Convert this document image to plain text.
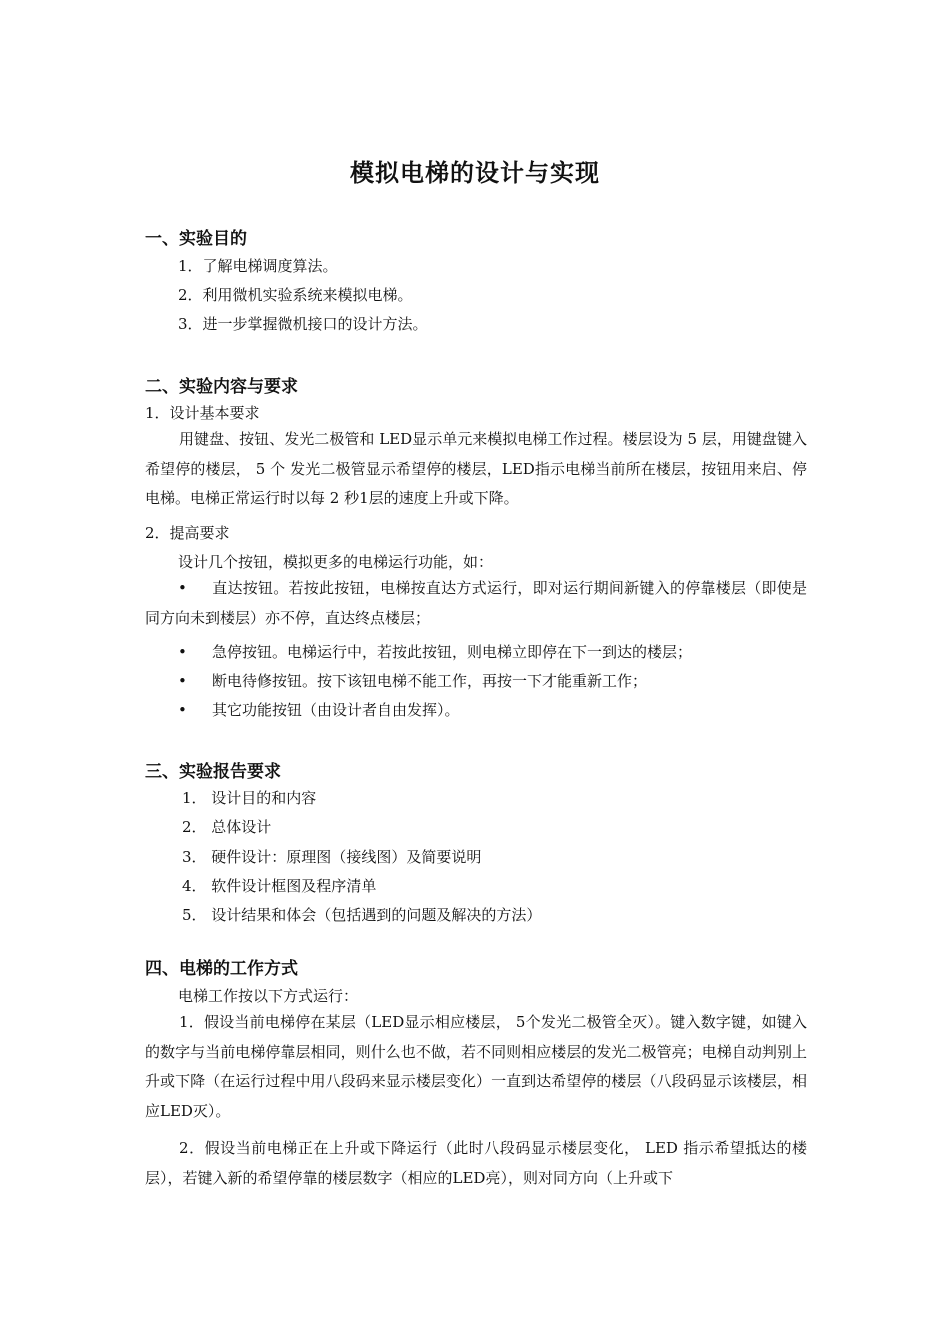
模拟电梯的设计与实现
一、实验目的
1．了解电梯调度算法。
2．利用微机实验系统来模拟电梯。
3．进一步掌握微机接口的设计方法。
二、实验内容与要求
1．设计基本要求
用键盘、按钮、发光二极管和 LED显示单元来模拟电梯工作过程。楼层设为 5 层，用键盘键入希望停的楼层， 5 个 发光二极管显示希望停的楼层，LED指示电梯当前所在楼层，按钮用来启、停电梯。电梯正常运行时以每 2 秒1层的速度上升或下降。
2．提高要求
设计几个按钮，模拟更多的电梯运行功能，如：
• 直达按钮。若按此按钮，电梯按直达方式运行，即对运行期间新键入的停靠楼层（即使是同方向未到楼层）亦不停，直达终点楼层；
• 急停按钮。电梯运行中，若按此按钮，则电梯立即停在下一到达的楼层；
• 断电待修按钮。按下该钮电梯不能工作，再按一下才能重新工作；
• 其它功能按钮（由设计者自由发挥）。
三、实验报告要求
1． 设计目的和内容
2． 总体设计
3． 硬件设计：原理图（接线图）及简要说明
4． 软件设计框图及程序清单
5． 设计结果和体会（包括遇到的问题及解决的方法）
四、电梯的工作方式
电梯工作按以下方式运行：
1．假设当前电梯停在某层（LED显示相应楼层， 5个发光二极管全灭）。键入数字键，如键入的数字与当前电梯停靠层相同，则什么也不做，若不同则相应楼层的发光二极管亮；电梯自动判别上升或下降（在运行过程中用八段码来显示楼层变化）一直到达希望停的楼层（八段码显示该楼层，相应LED灭）。
2．假设当前电梯正在上升或下降运行（此时八段码显示楼层变化， LED 指示希望抵达的楼层），若键入新的希望停靠的楼层数字（相应的LED亮），则对同方向（上升或下
